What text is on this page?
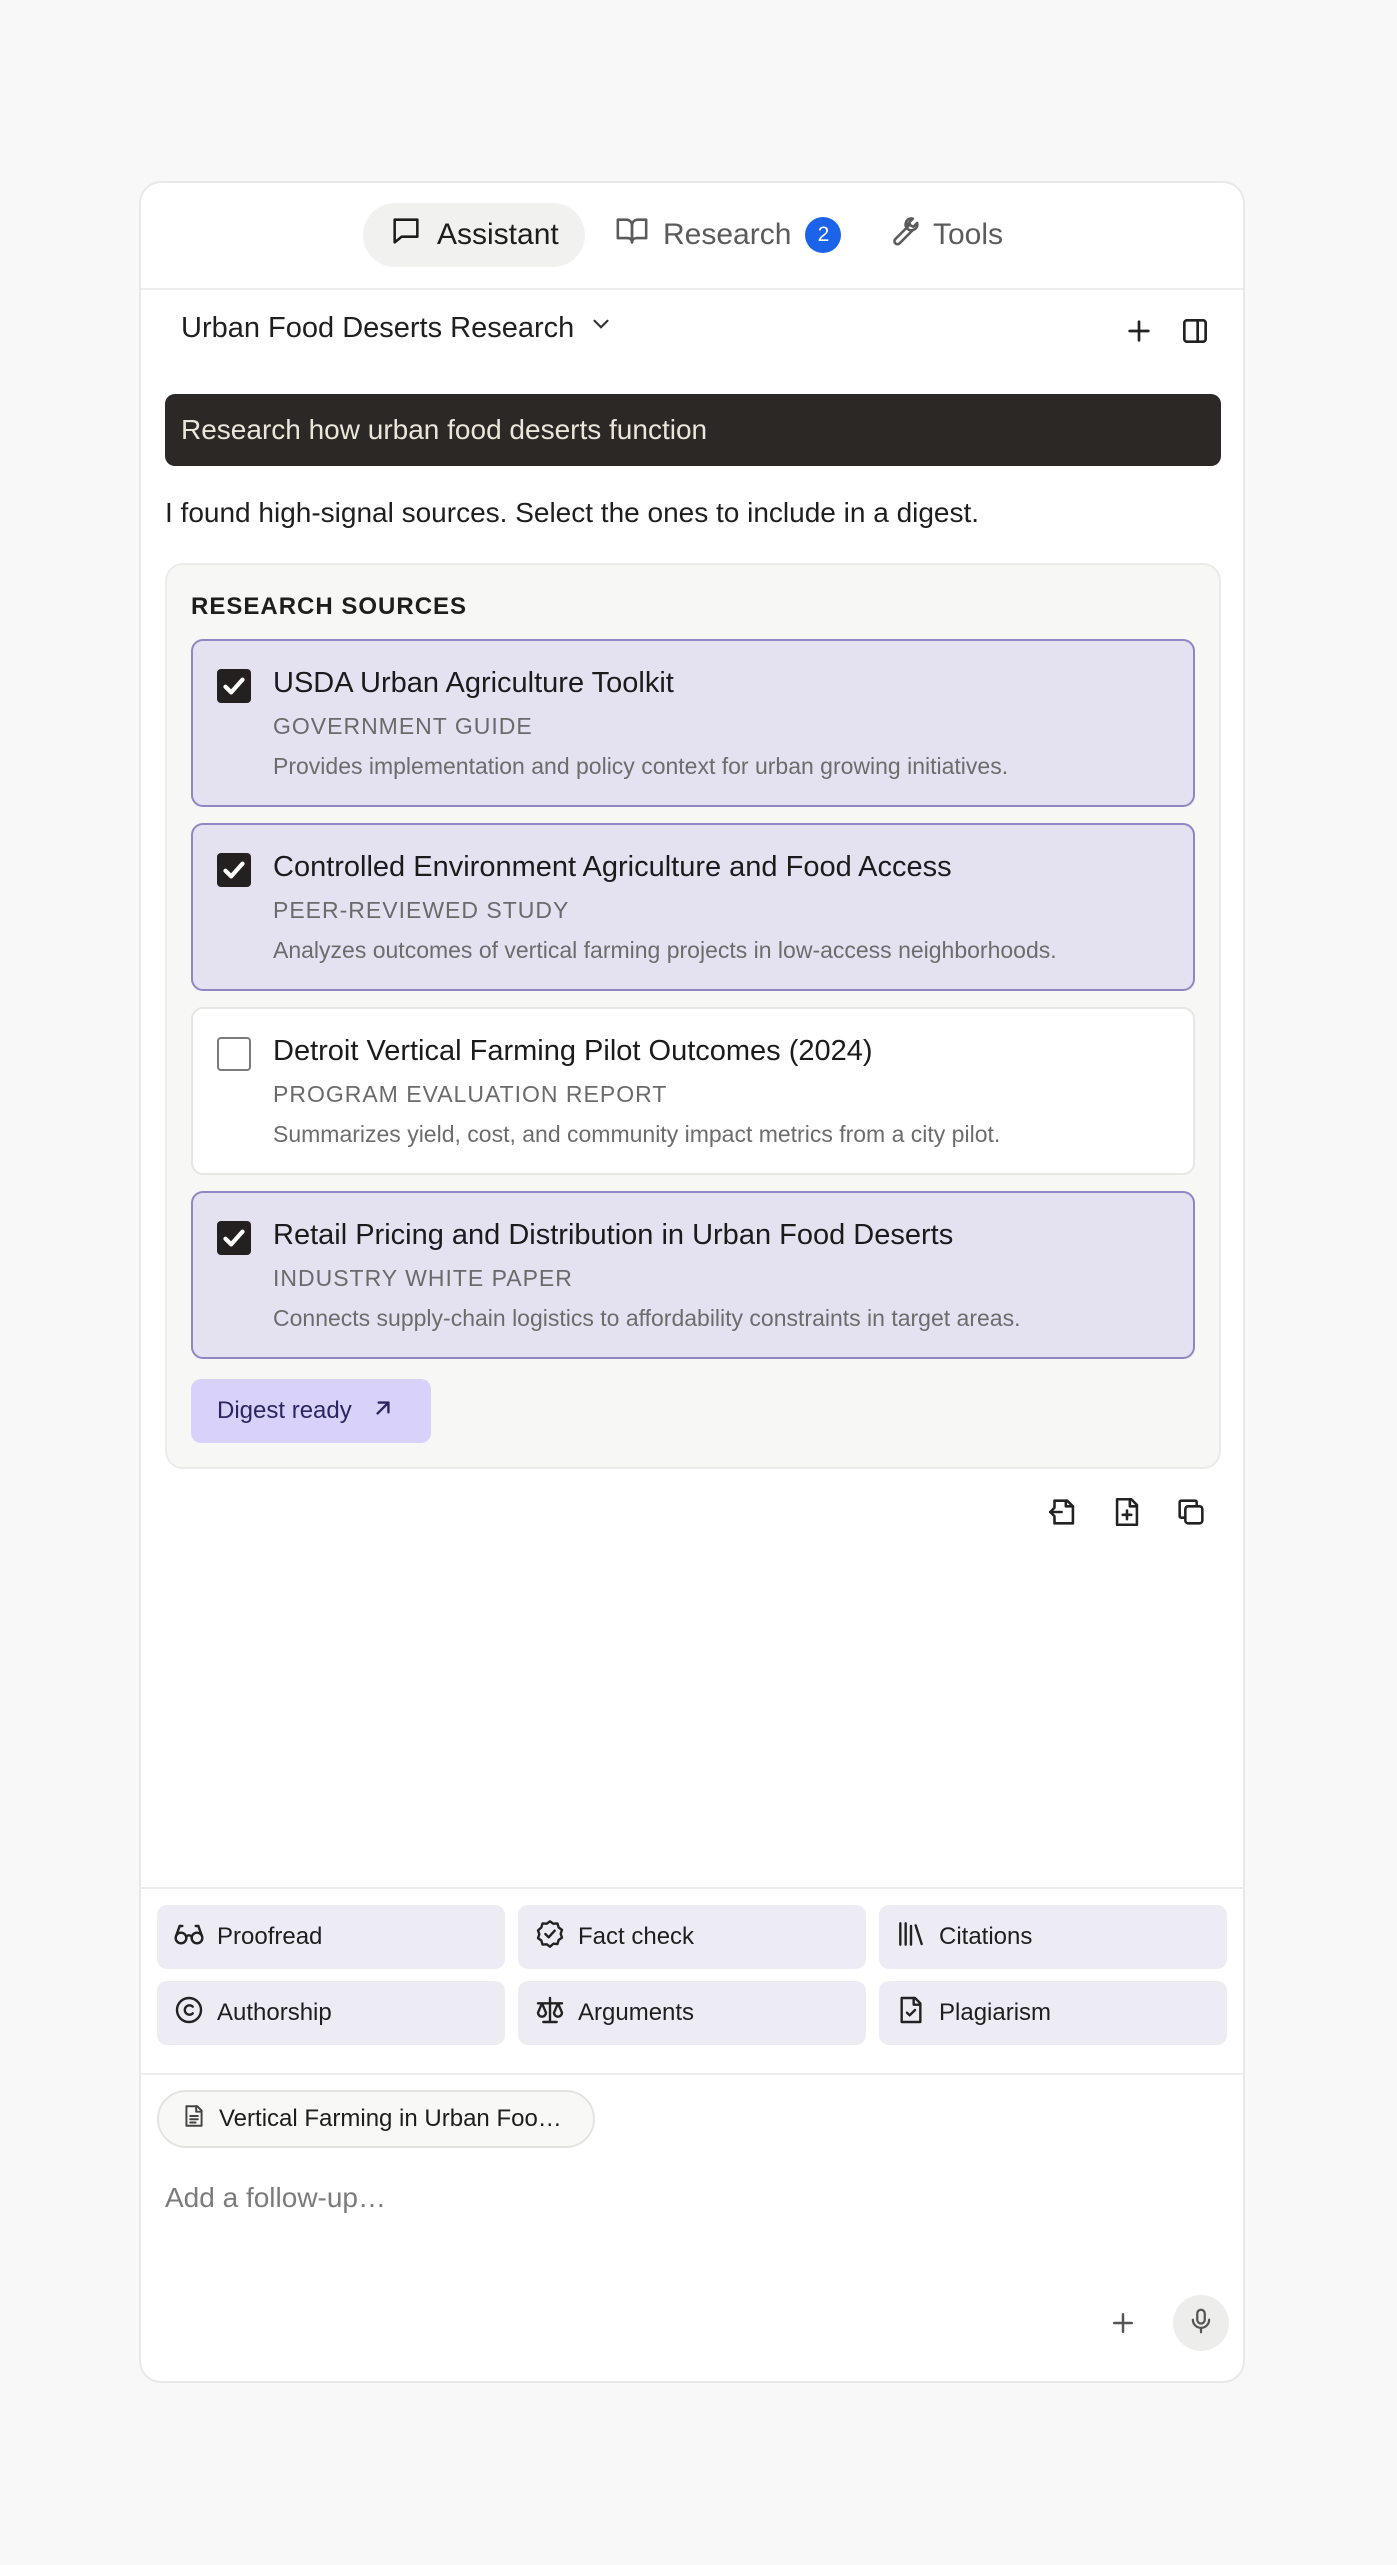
Assistant	Research	2	Tools
Urban Food Deserts Research
Research how urban food deserts function
I found high-signal sources. Select the ones to include in a digest.
RESEARCH SOURCES
USDA Urban Agriculture Toolkit
GOVERNMENT GUIDE
Provides implementation and policy context for urban growing initiatives.
Controlled Environment Agriculture and Food Access
PEER-REVIEWED STUDY
Analyzes outcomes of vertical farming projects in low-access neighborhoods.
Detroit Vertical Farming Pilot Outcomes (2024)
PROGRAM EVALUATION REPORT
Summarizes yield, cost, and community impact metrics from a city pilot.
Retail Pricing and Distribution in Urban Food Deserts
INDUSTRY WHITE PAPER
Connects supply-chain logistics to affordability constraints in target areas.
Digest ready
Proofread	Fact check	Citations
Authorship	Arguments	Plagiarism
Vertical Farming in Urban Foo…
Add a follow-up…
